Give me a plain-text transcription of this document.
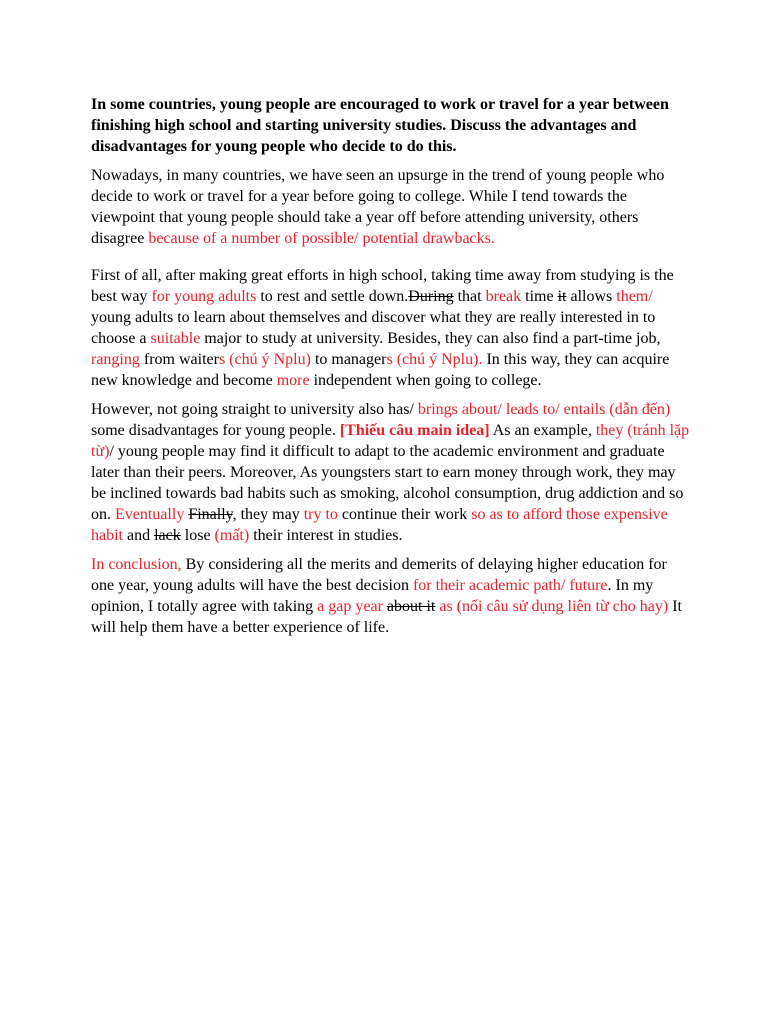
In some countries, young people are encouraged to work or travel for a year between finishing high school and starting university studies. Discuss the advantages and disadvantages for young people who decide to do this.

Nowadays, in many countries, we have seen an upsurge in the trend of young people who decide to work or travel for a year before going to college. While I tend towards the viewpoint that young people should take a year off before attending university, others disagree because of a number of possible/ potential drawbacks.

First of all, after making great efforts in high school, taking time away from studying is the best way for young adults to rest and settle down.During that break time it allows them/ young adults to learn about themselves and discover what they are really interested in to choose a suitable major to study at university. Besides, they can also find a part-time job, ranging from waiters (chú ý Nplu) to managers (chú ý Nplu). In this way, they can acquire new knowledge and become more independent when going to college.

However, not going straight to university also has/ brings about/ leads to/ entails (dẫn đến) some disadvantages for young people. [Thiếu câu main idea] As an example, they (tránh lặp từ)/ young people may find it difficult to adapt to the academic environment and graduate later than their peers. Moreover, As youngsters start to earn money through work, they may be inclined towards bad habits such as smoking, alcohol consumption, drug addiction and so on. Eventually Finally, they may try to continue their work so as to afford those expensive habit and lack lose (mất) their interest in studies.

In conclusion, By considering all the merits and demerits of delaying higher education for one year, young adults will have the best decision for their academic path/ future. In my opinion, I totally agree with taking a gap year about it as (nối câu sử dụng liên từ cho hay) It will help them have a better experience of life.
